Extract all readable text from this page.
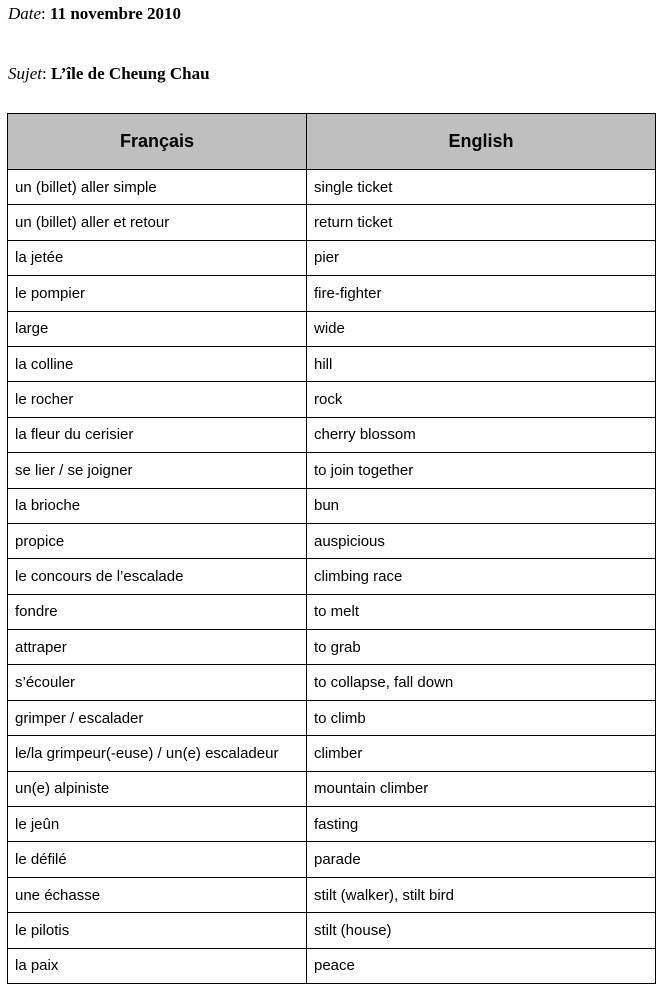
Date: 11 novembre 2010
Sujet: L’île de Cheung Chau
Français	English
un (billet) aller simple	single ticket
un (billet) aller et retour	return ticket
la jetée	pier
le pompier	fire-fighter
large	wide
la colline	hill
le rocher	rock
la fleur du cerisier	cherry blossom
se lier / se joigner	to join together
la brioche	bun
propice	auspicious
le concours de l’escalade	climbing race
fondre	to melt
attraper	to grab
s’écouler	to collapse, fall down
grimper / escalader	to climb
le/la grimpeur(-euse) / un(e) escaladeur	climber
un(e) alpiniste	mountain climber
le jeûn	fasting
le défilé	parade
une échasse	stilt (walker), stilt bird
le pilotis	stilt (house)
la paix	peace
